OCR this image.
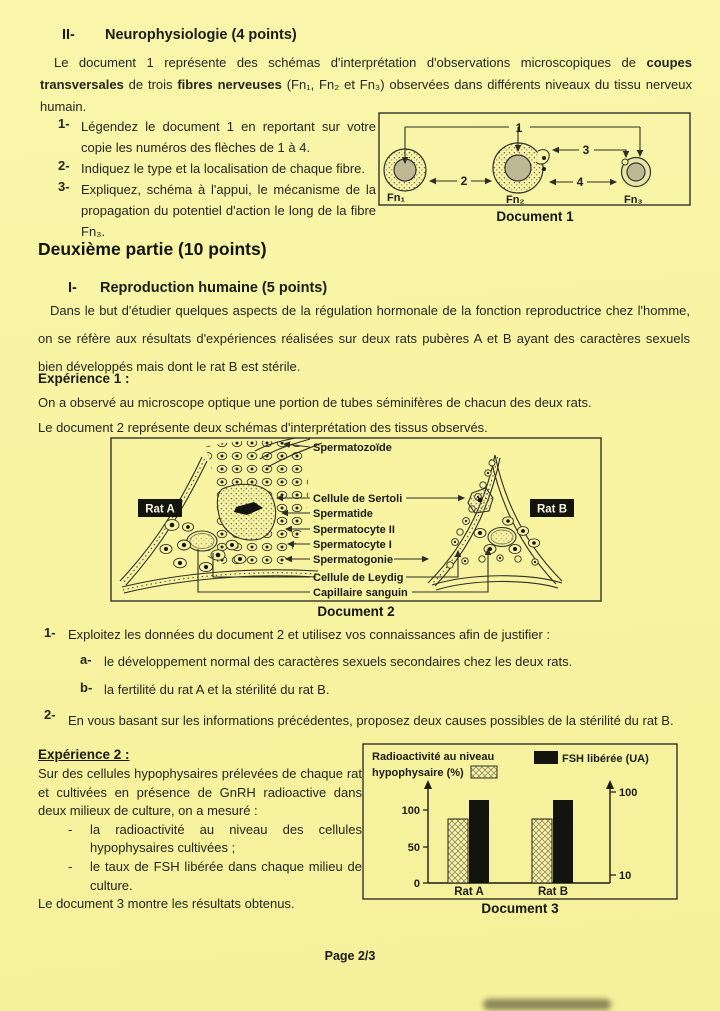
II- Neurophysiologie (4 points)
Le document 1 représente des schémas d'interprétation d'observations microscopiques de coupes transversales de trois fibres nerveuses (Fn₁, Fn₂ et Fn₃) observées dans différents niveaux du tissu nerveux humain.
1- Légendez le document 1 en reportant sur votre copie les numéros des flèches de 1 à 4.
2- Indiquez le type et la localisation de chaque fibre.
3- Expliquez, schéma à l'appui, le mécanisme de la propagation du potentiel d'action le long de la fibre Fn₃.
1
2
3
4
Fn₁	Fn₂	Fn₃
Document 1
Deuxième partie (10 points)
I- Reproduction humaine (5 points)
Dans le but d'étudier quelques aspects de la régulation hormonale de la fonction reproductrice chez l'homme, on se réfère aux résultats d'expériences réalisées sur deux rats pubères A et B ayant des caractères sexuels bien développés mais dont le rat B est stérile.
Expérience 1 :
On a observé au microscope optique une portion de tubes séminifères de chacun des deux rats.
Le document 2 représente deux schémas d'interprétation des tissus observés.
Rat A	Rat B
Spermatozoïde
Cellule de Sertoli
Spermatide
Spermatocyte II
Spermatocyte I
Spermatogonie
Cellule de Leydig
Capillaire sanguin
Document 2
1- Exploitez les données du document 2 et utilisez vos connaissances afin de justifier :
a- le développement normal des caractères sexuels secondaires chez les deux rats.
b- la fertilité du rat A et la stérilité du rat B.
2- En vous basant sur les informations précédentes, proposez deux causes possibles de la stérilité du rat B.

Expérience 2 :

Sur des cellules hypophysaires prélevées de chaque rat et cultivées en présence de GnRH radioactive dans deux milieux de culture, on a mesuré :

-	la radioactivité au niveau des cellules hypophysaires cultivées ;
-	le taux de FSH libérée dans chaque milieu de culture.

Le document 3 montre les résultats obtenus.

Radioactivité au niveau
hypophysaire (%)
FSH libérée (UA)
100
50
0
100
10
Rat A	Rat B
Document 3
Page 2/3
